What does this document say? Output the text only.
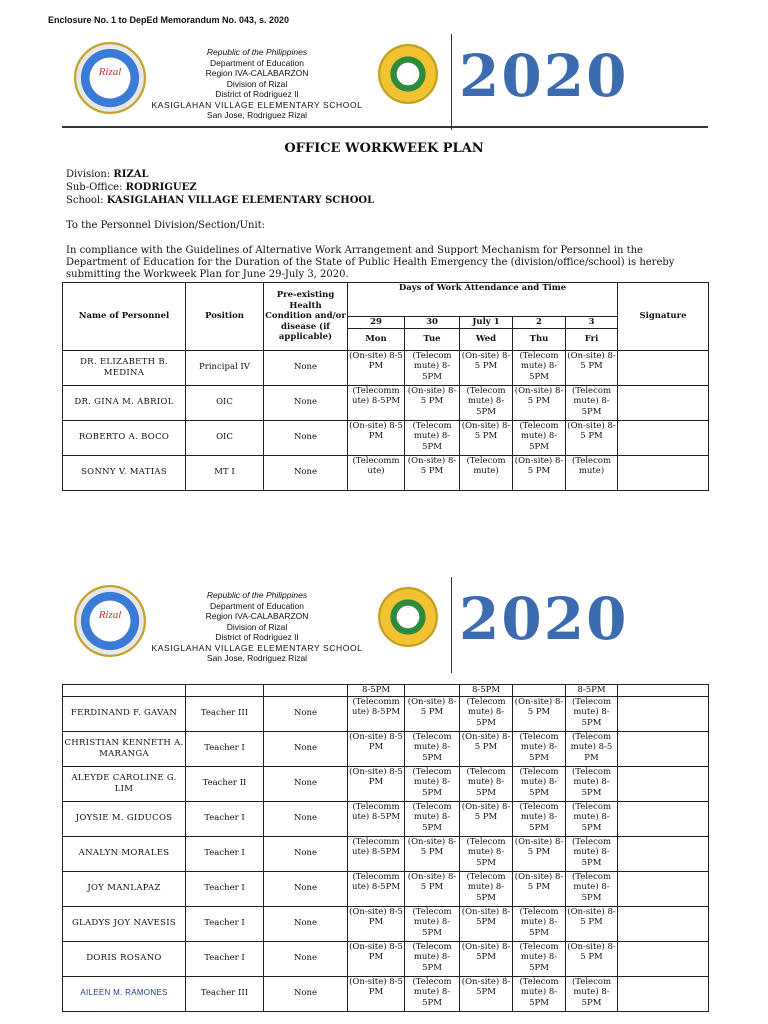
Enclosure No. 1 to DepEd Memorandum No. 043, s. 2020
Rizal
Republic of the Philippines
Department of Education
Region IVA-CALABARZON
Division of Rizal
District of Rodriguez II
KASIGLAHAN VILLAGE ELEMENTARY SCHOOL
San Jose, Rodriguez Rizal
2020
OFFICE WORKWEEK PLAN
Division: RIZAL
Sub-Office: RODRIGUEZ
School: KASIGLAHAN VILLAGE ELEMENTARY SCHOOL
To the Personnel Division/Section/Unit:
In compliance with the Guidelines of Alternative Work Arrangement and Support Mechanism for Personnel in the Department of Education for the Duration of the State of Public Health Emergency the (division/office/school) is hereby submitting the Workweek Plan for June 29-July 3, 2020.
Name of Personnel	Position	Pre-existing Health Condition and/or disease (if applicable)	Days of Work Attendance and Time					Signature
			29	30	July 1	2	3	
			Mon	Tue	Wed	Thu	Fri	
DR. ELIZABETH B. MEDINA	Principal IV	None	(On-site) 8-5 PM	(Telecom mute) 8-5PM	(On-site) 8-5 PM	(Telecom mute) 8-5PM	(On-site) 8-5 PM	
DR. GINA M. ABRIOL	OIC	None	(Telecomm ute) 8-5PM	(On-site) 8-5 PM	(Telecom mute) 8-5PM	(On-site) 8-5 PM	(Telecom mute) 8-5PM	
ROBERTO A. BOCO	OIC	None	(On-site) 8-5 PM	(Telecom mute) 8-5PM	(On-site) 8-5 PM	(Telecom mute) 8-5PM	(On-site) 8-5 PM	
SONNY V. MATIAS	MT I	None	(Telecomm ute)	(On-site) 8-5 PM	(Telecom mute)	(On-site) 8-5 PM	(Telecom mute)	
Rizal
Republic of the Philippines
Department of Education
Region IVA-CALABARZON
Division of Rizal
District of Rodriguez II
KASIGLAHAN VILLAGE ELEMENTARY SCHOOL
San Jose, Rodriguez Rizal
2020
			8-5PM		8-5PM		8-5PM	
FERDINAND F. GAVAN	Teacher III	None	(Telecomm ute) 8-5PM	(On-site) 8-5 PM	(Telecom mute) 8-5PM	(On-site) 8-5 PM	(Telecom mute) 8-5PM	
CHRISTIAN KENNETH A. MARANGA	Teacher I	None	(On-site) 8-5 PM	(Telecom mute) 8-5PM	(On-site) 8-5 PM	(Telecom mute) 8-5PM	(Telecom mute) 8-5 PM	
ALEYDE CAROLINE G. LIM	Teacher II	None	(On-site) 8-5 PM	(Telecom mute) 8-5PM	(Telecom mute) 8-5PM	(Telecom mute) 8-5PM	(Telecom mute) 8-5PM	
JOYSIE M. GIDUCOS	Teacher I	None	(Telecomm ute) 8-5PM	(Telecom mute) 8-5PM	(On-site) 8-5 PM	(Telecom mute) 8-5PM	(Telecom mute) 8-5PM	
ANALYN MORALES	Teacher I	None	(Telecomm ute) 8-5PM	(On-site) 8-5 PM	(Telecom mute) 8-5PM	(On-site) 8-5 PM	(Telecom mute) 8-5PM	
JOY MANLAPAZ	Teacher I	None	(Telecomm ute) 8-5PM	(On-site) 8-5 PM	(Telecom mute) 8-5PM	(On-site) 8-5 PM	(Telecom mute) 8-5PM	
GLADYS JOY NAVESIS	Teacher I	None	(On-site) 8-5 PM	(Telecom mute) 8-5PM	(On-site) 8-5PM	(Telecom mute) 8-5PM	(On-site) 8-5 PM	
DORIS ROSANO	Teacher I	None	(On-site) 8-5 PM	(Telecom mute) 8-5PM	(On-site) 8-5PM	(Telecom mute) 8-5PM	(On-site) 8-5 PM	
AILEEN M. RAMONES	Teacher III	None	(On-site) 8-5 PM	(Telecom mute) 8-5PM	(On-site) 8-5PM	(Telecom mute) 8-5PM	(Telecom mute) 8-5PM	
